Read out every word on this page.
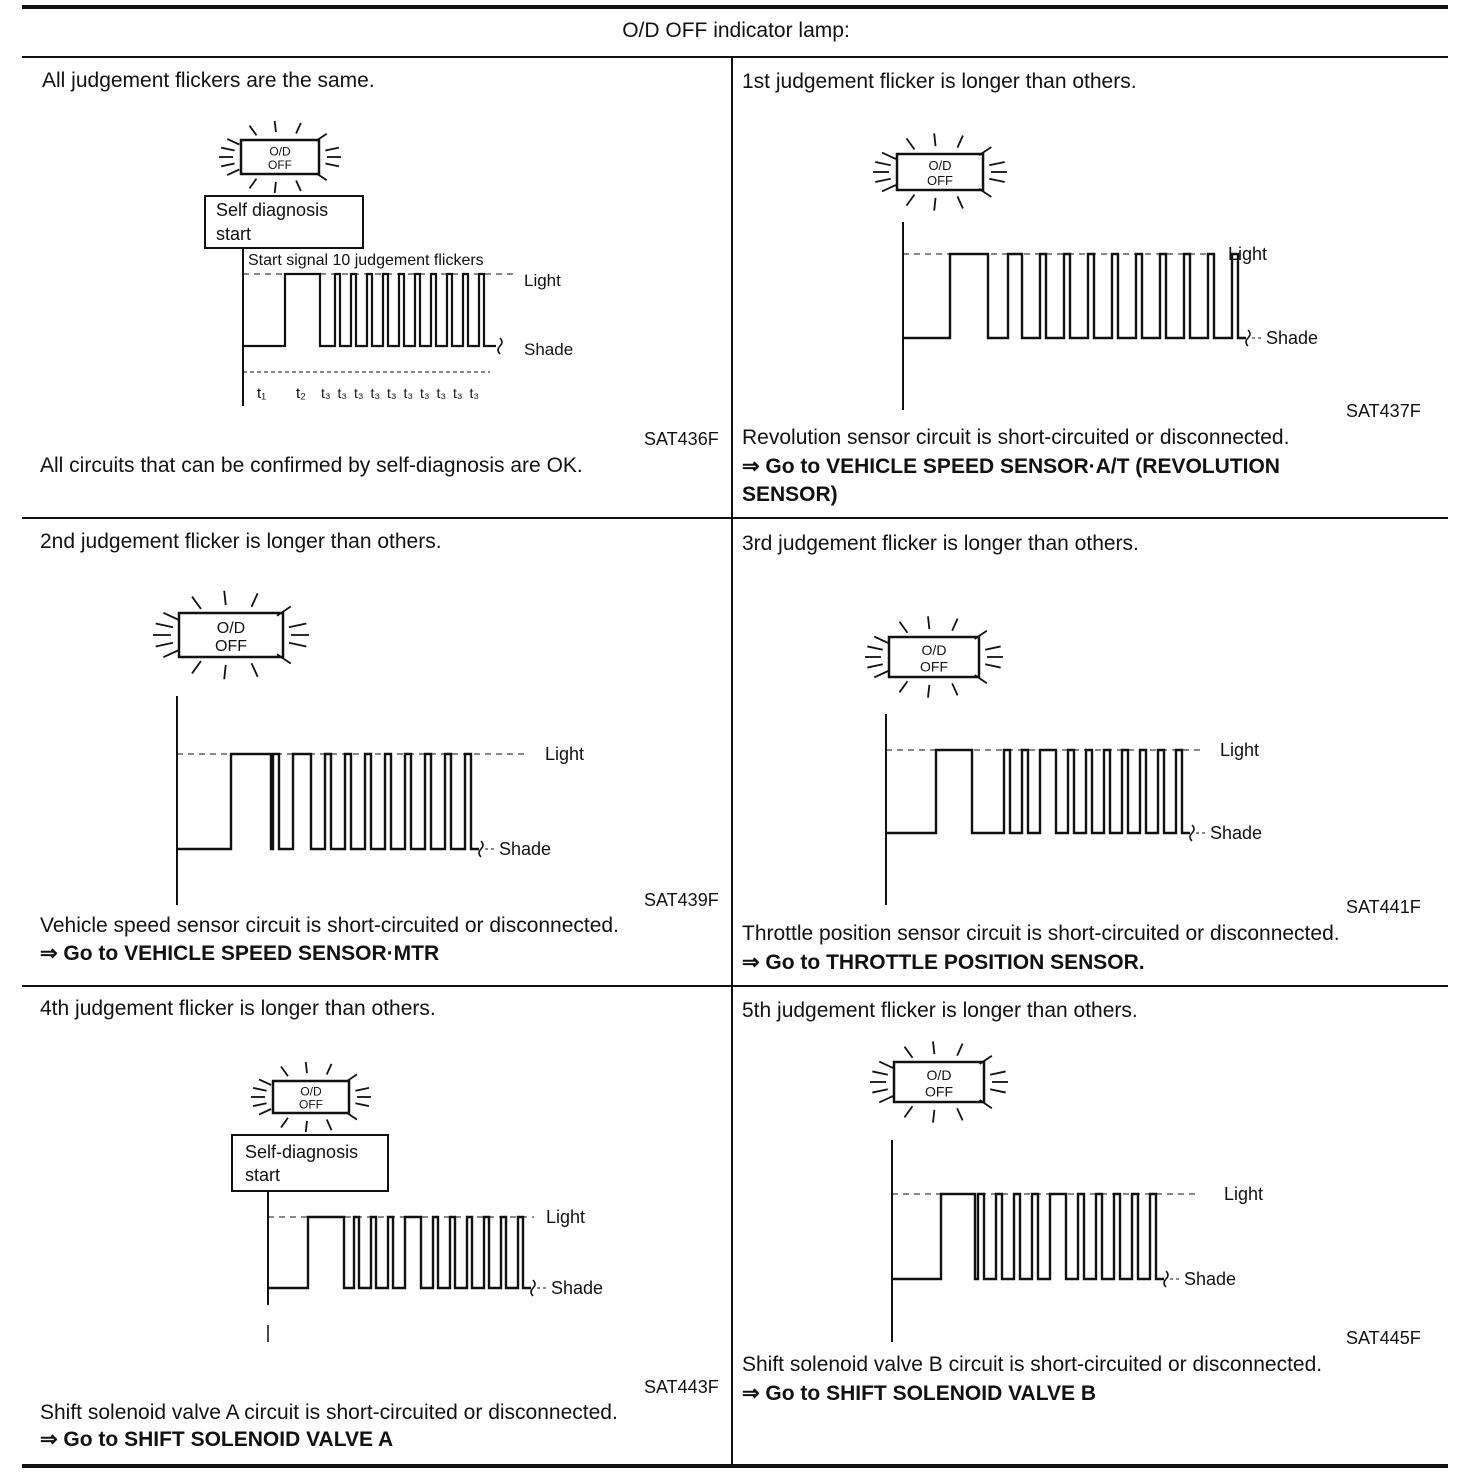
O/D OFF indicator lamp:
All judgement flickers are the same.
SAT436F
All circuits that can be confirmed by self-diagnosis are OK.
1st judgement flicker is longer than others.
SAT437F
Revolution sensor circuit is short-circuited or disconnected.
⇒ Go to VEHICLE SPEED SENSOR·A/T (REVOLUTION
SENSOR)
2nd judgement flicker is longer than others.
SAT439F
Vehicle speed sensor circuit is short-circuited or disconnected.
⇒ Go to VEHICLE SPEED SENSOR·MTR
3rd judgement flicker is longer than others.
SAT441F
Throttle position sensor circuit is short-circuited or disconnected.
⇒ Go to THROTTLE POSITION SENSOR.
4th judgement flicker is longer than others.
SAT443F
Shift solenoid valve A circuit is short-circuited or disconnected.
⇒ Go to SHIFT SOLENOID VALVE A
5th judgement flicker is longer than others.
SAT445F
Shift solenoid valve B circuit is short-circuited or disconnected.
⇒ Go to SHIFT SOLENOID VALVE B
O/D
OFF
Self diagnosis
start
Start signal 10 judgement flickers
Light
Shade
t₁ t₂ t₃ t₃ t₃ t₃ t₃ t₃ t₃ t₃ t₃ t₃
O/D
OFF
Light
Shade
O/D
OFF
Light
Shade
O/D
OFF
Light
Shade
O/D
OFF
Self-diagnosis
start
Light
Shade
O/D
OFF
Light
Shade
